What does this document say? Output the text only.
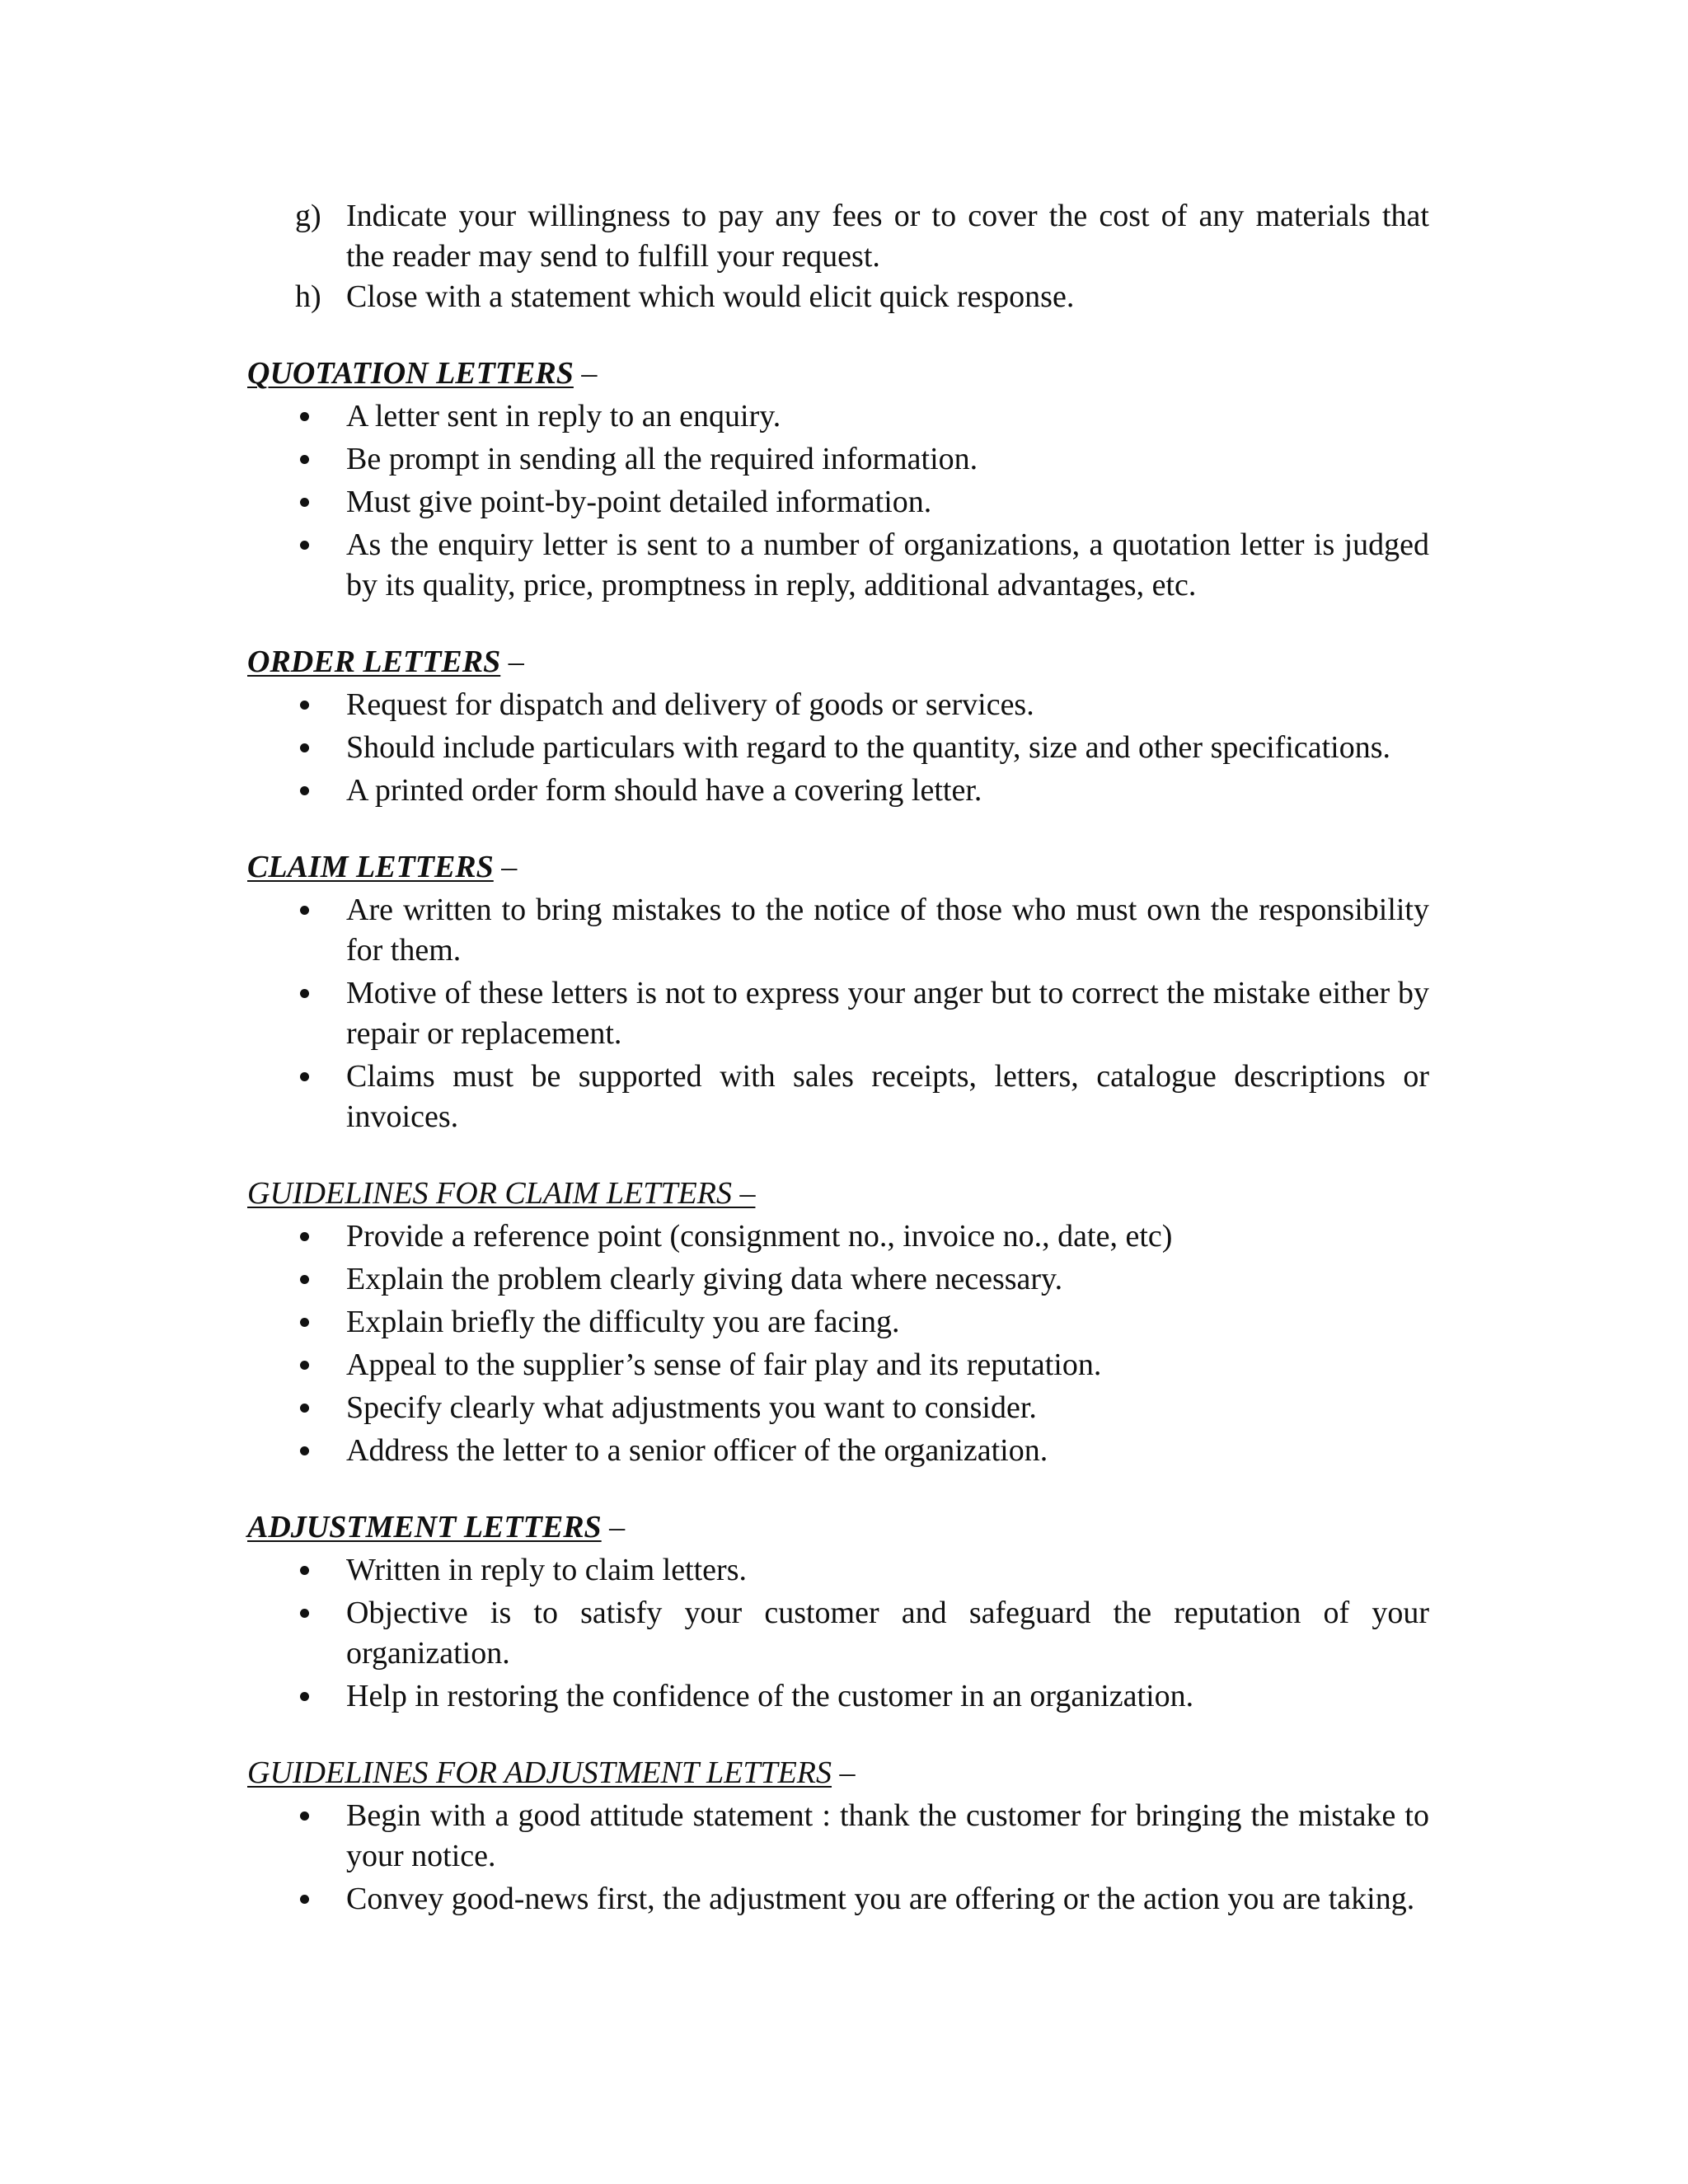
g) Indicate your willingness to pay any fees or to cover the cost of any materials that
the reader may send to fulfill your request.
h) Close with a statement which would elicit quick response.
QUOTATION LETTERS –
A letter sent in reply to an enquiry.
Be prompt in sending all the required information.
Must give point-by-point detailed information.
As the enquiry letter is sent to a number of organizations, a quotation letter is judged by its quality, price, promptness in reply, additional advantages, etc.
ORDER LETTERS –
Request for dispatch and delivery of goods or services.
Should include particulars with regard to the quantity, size and other specifications.
A printed order form should have a covering letter.
CLAIM LETTERS –
Are written to bring mistakes to the notice of those who must own the responsibility for them.
Motive of these letters is not to express your anger but to correct the mistake either by repair or replacement.
Claims must be supported with sales receipts, letters, catalogue descriptions or invoices.
GUIDELINES FOR CLAIM LETTERS –
Provide a reference point (consignment no., invoice no., date, etc)
Explain the problem clearly giving data where necessary.
Explain briefly the difficulty you are facing.
Appeal to the supplier’s sense of fair play and its reputation.
Specify clearly what adjustments you want to consider.
Address the letter to a senior officer of the organization.
ADJUSTMENT LETTERS –
Written in reply to claim letters.
Objective is to satisfy your customer and safeguard the reputation of your organization.
Help in restoring the confidence of the customer in an organization.
GUIDELINES FOR ADJUSTMENT LETTERS –
Begin with a good attitude statement : thank the customer for bringing the mistake to your notice.
Convey good-news first, the adjustment you are offering or the action you are taking.
